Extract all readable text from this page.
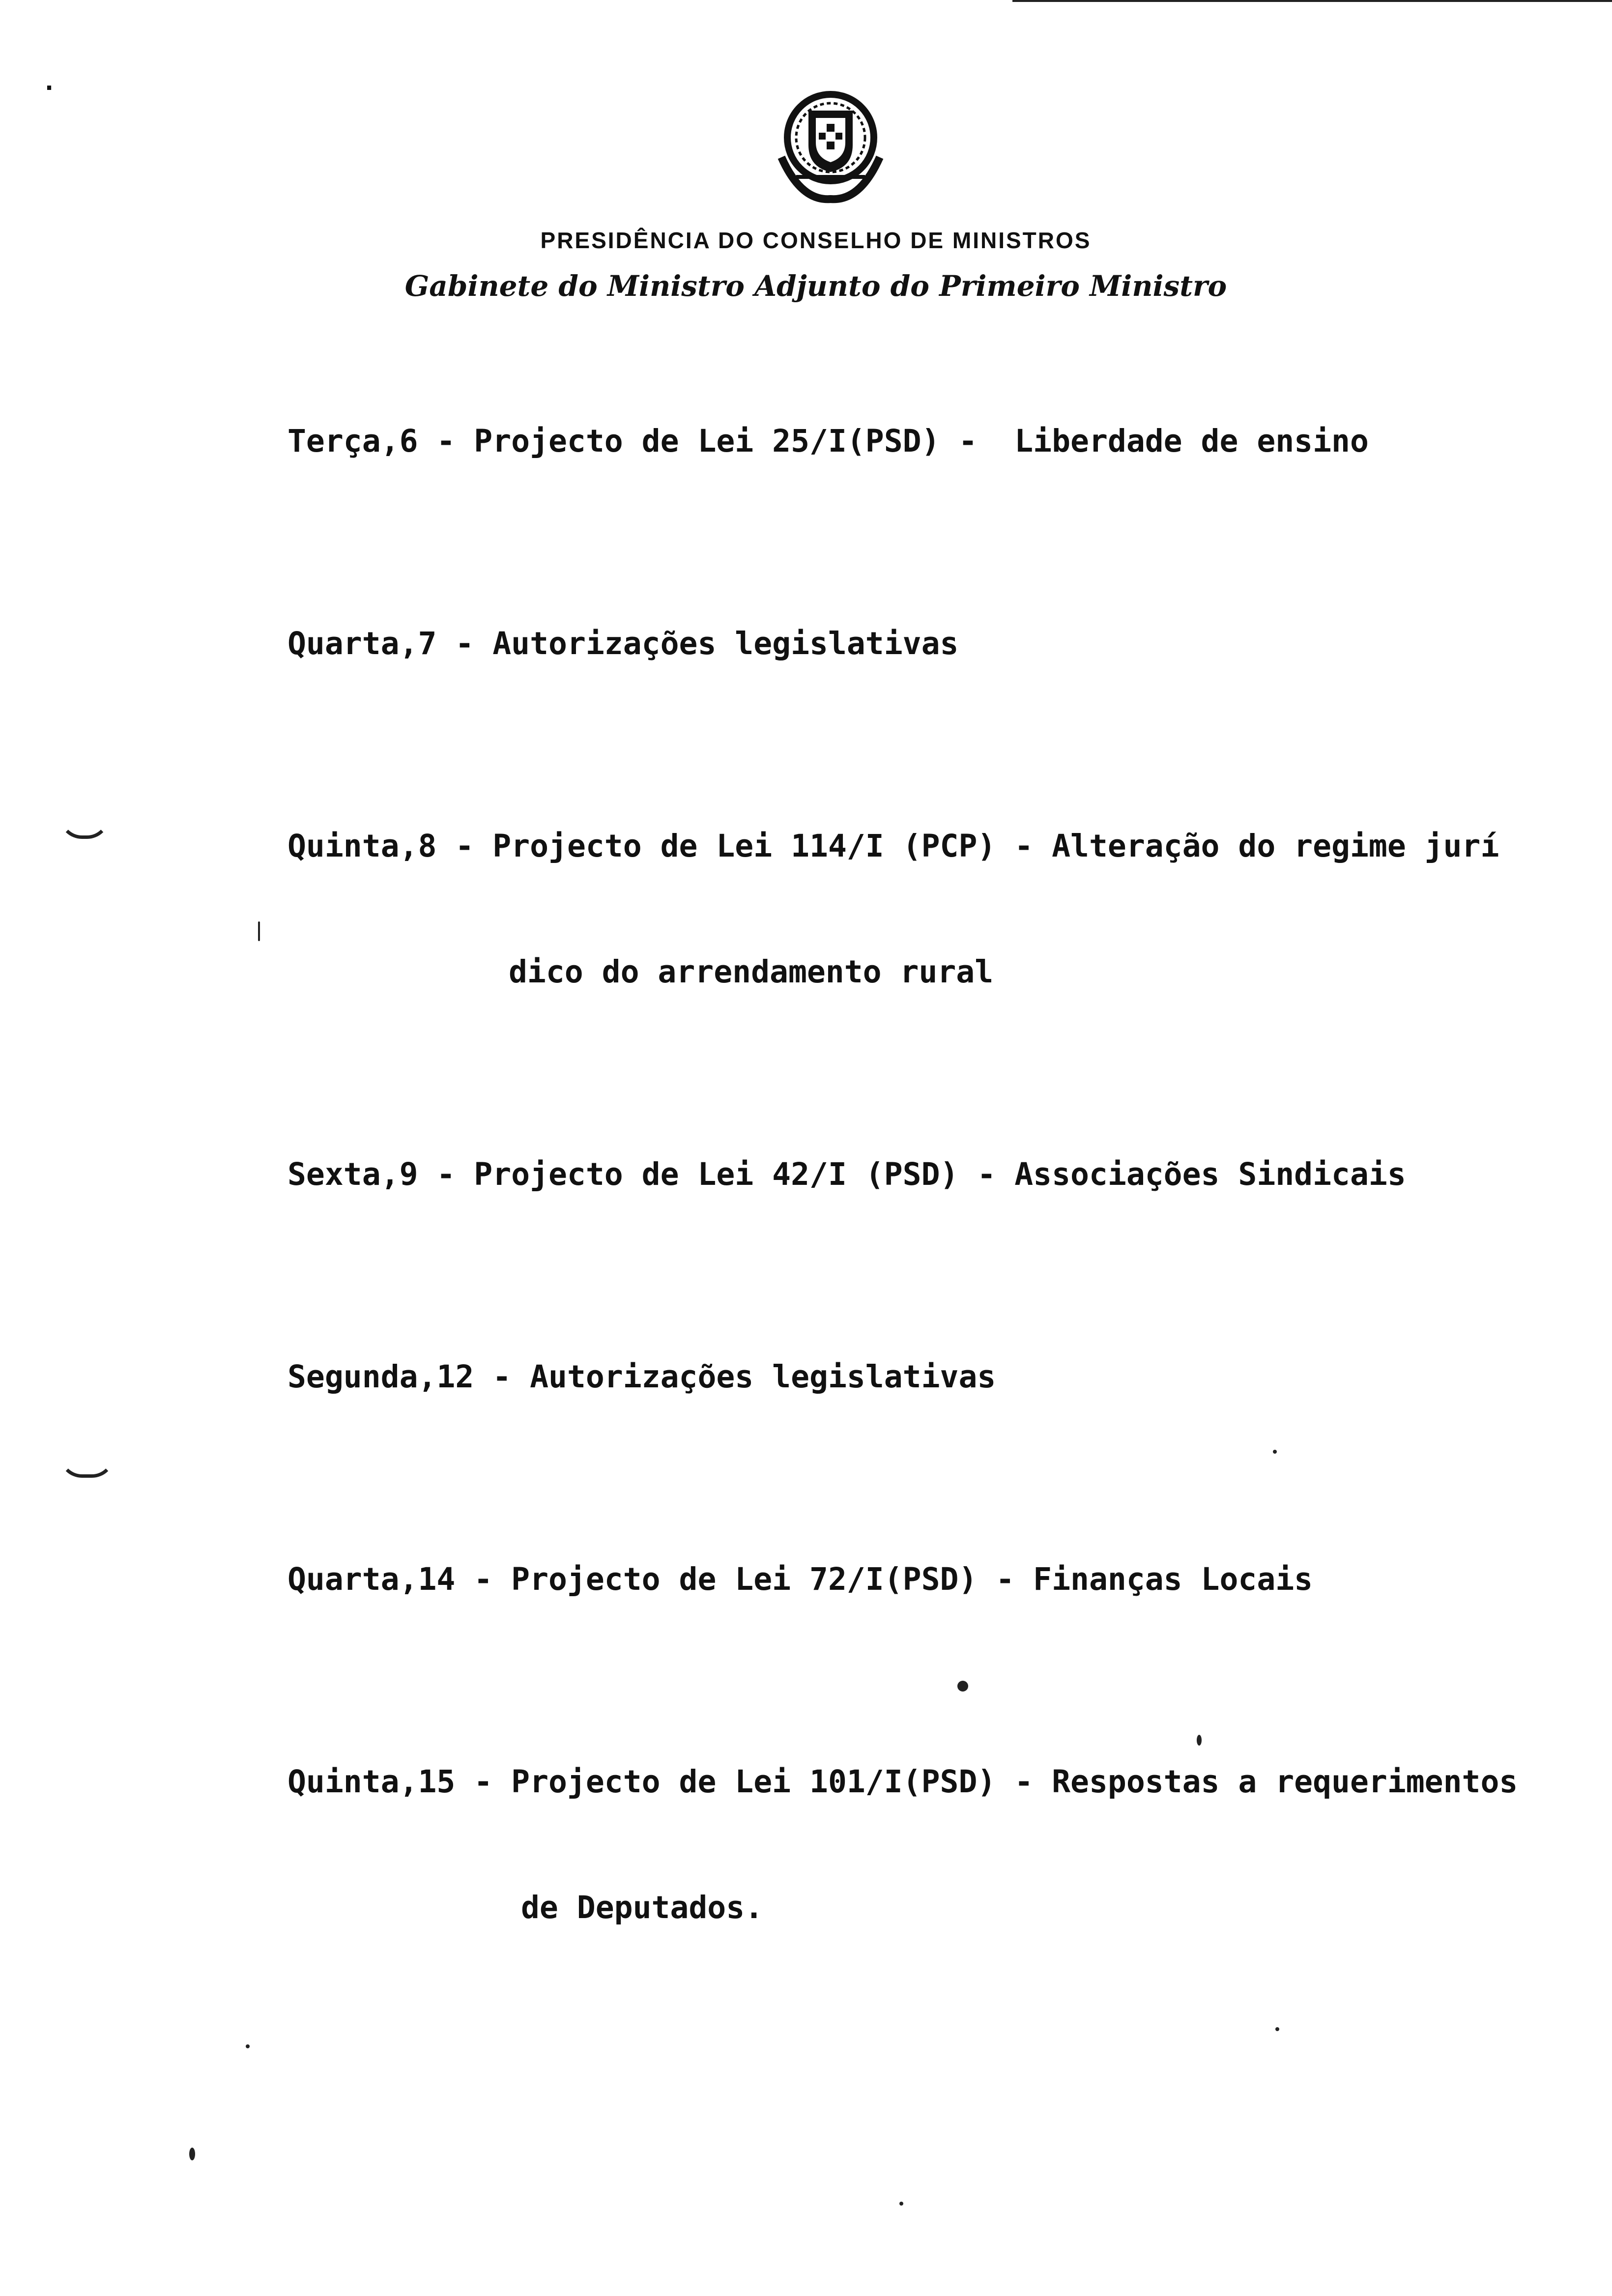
·
PRESIDÊNCIA DO CONSELHO DE MINISTROS
Gabinete do Ministro Adjunto do Primeiro Ministro

Terça,6 - Projecto de Lei 25/I(PSD) -  Liberdade de ensino

Quarta,7 - Autorizações legislativas

Quinta,8 - Projecto de Lei 114/I (PCP) - Alteração do regime jurí

dico do arrendamento rural

Sexta,9 - Projecto de Lei 42/I (PSD) - Associações Sindicais

Segunda,12 - Autorizações legislativas

Quarta,14 - Projecto de Lei 72/I(PSD) - Finanças Locais

Quinta,15 - Projecto de Lei 101/I(PSD) - Respostas a requerimentos

de Deputados.
